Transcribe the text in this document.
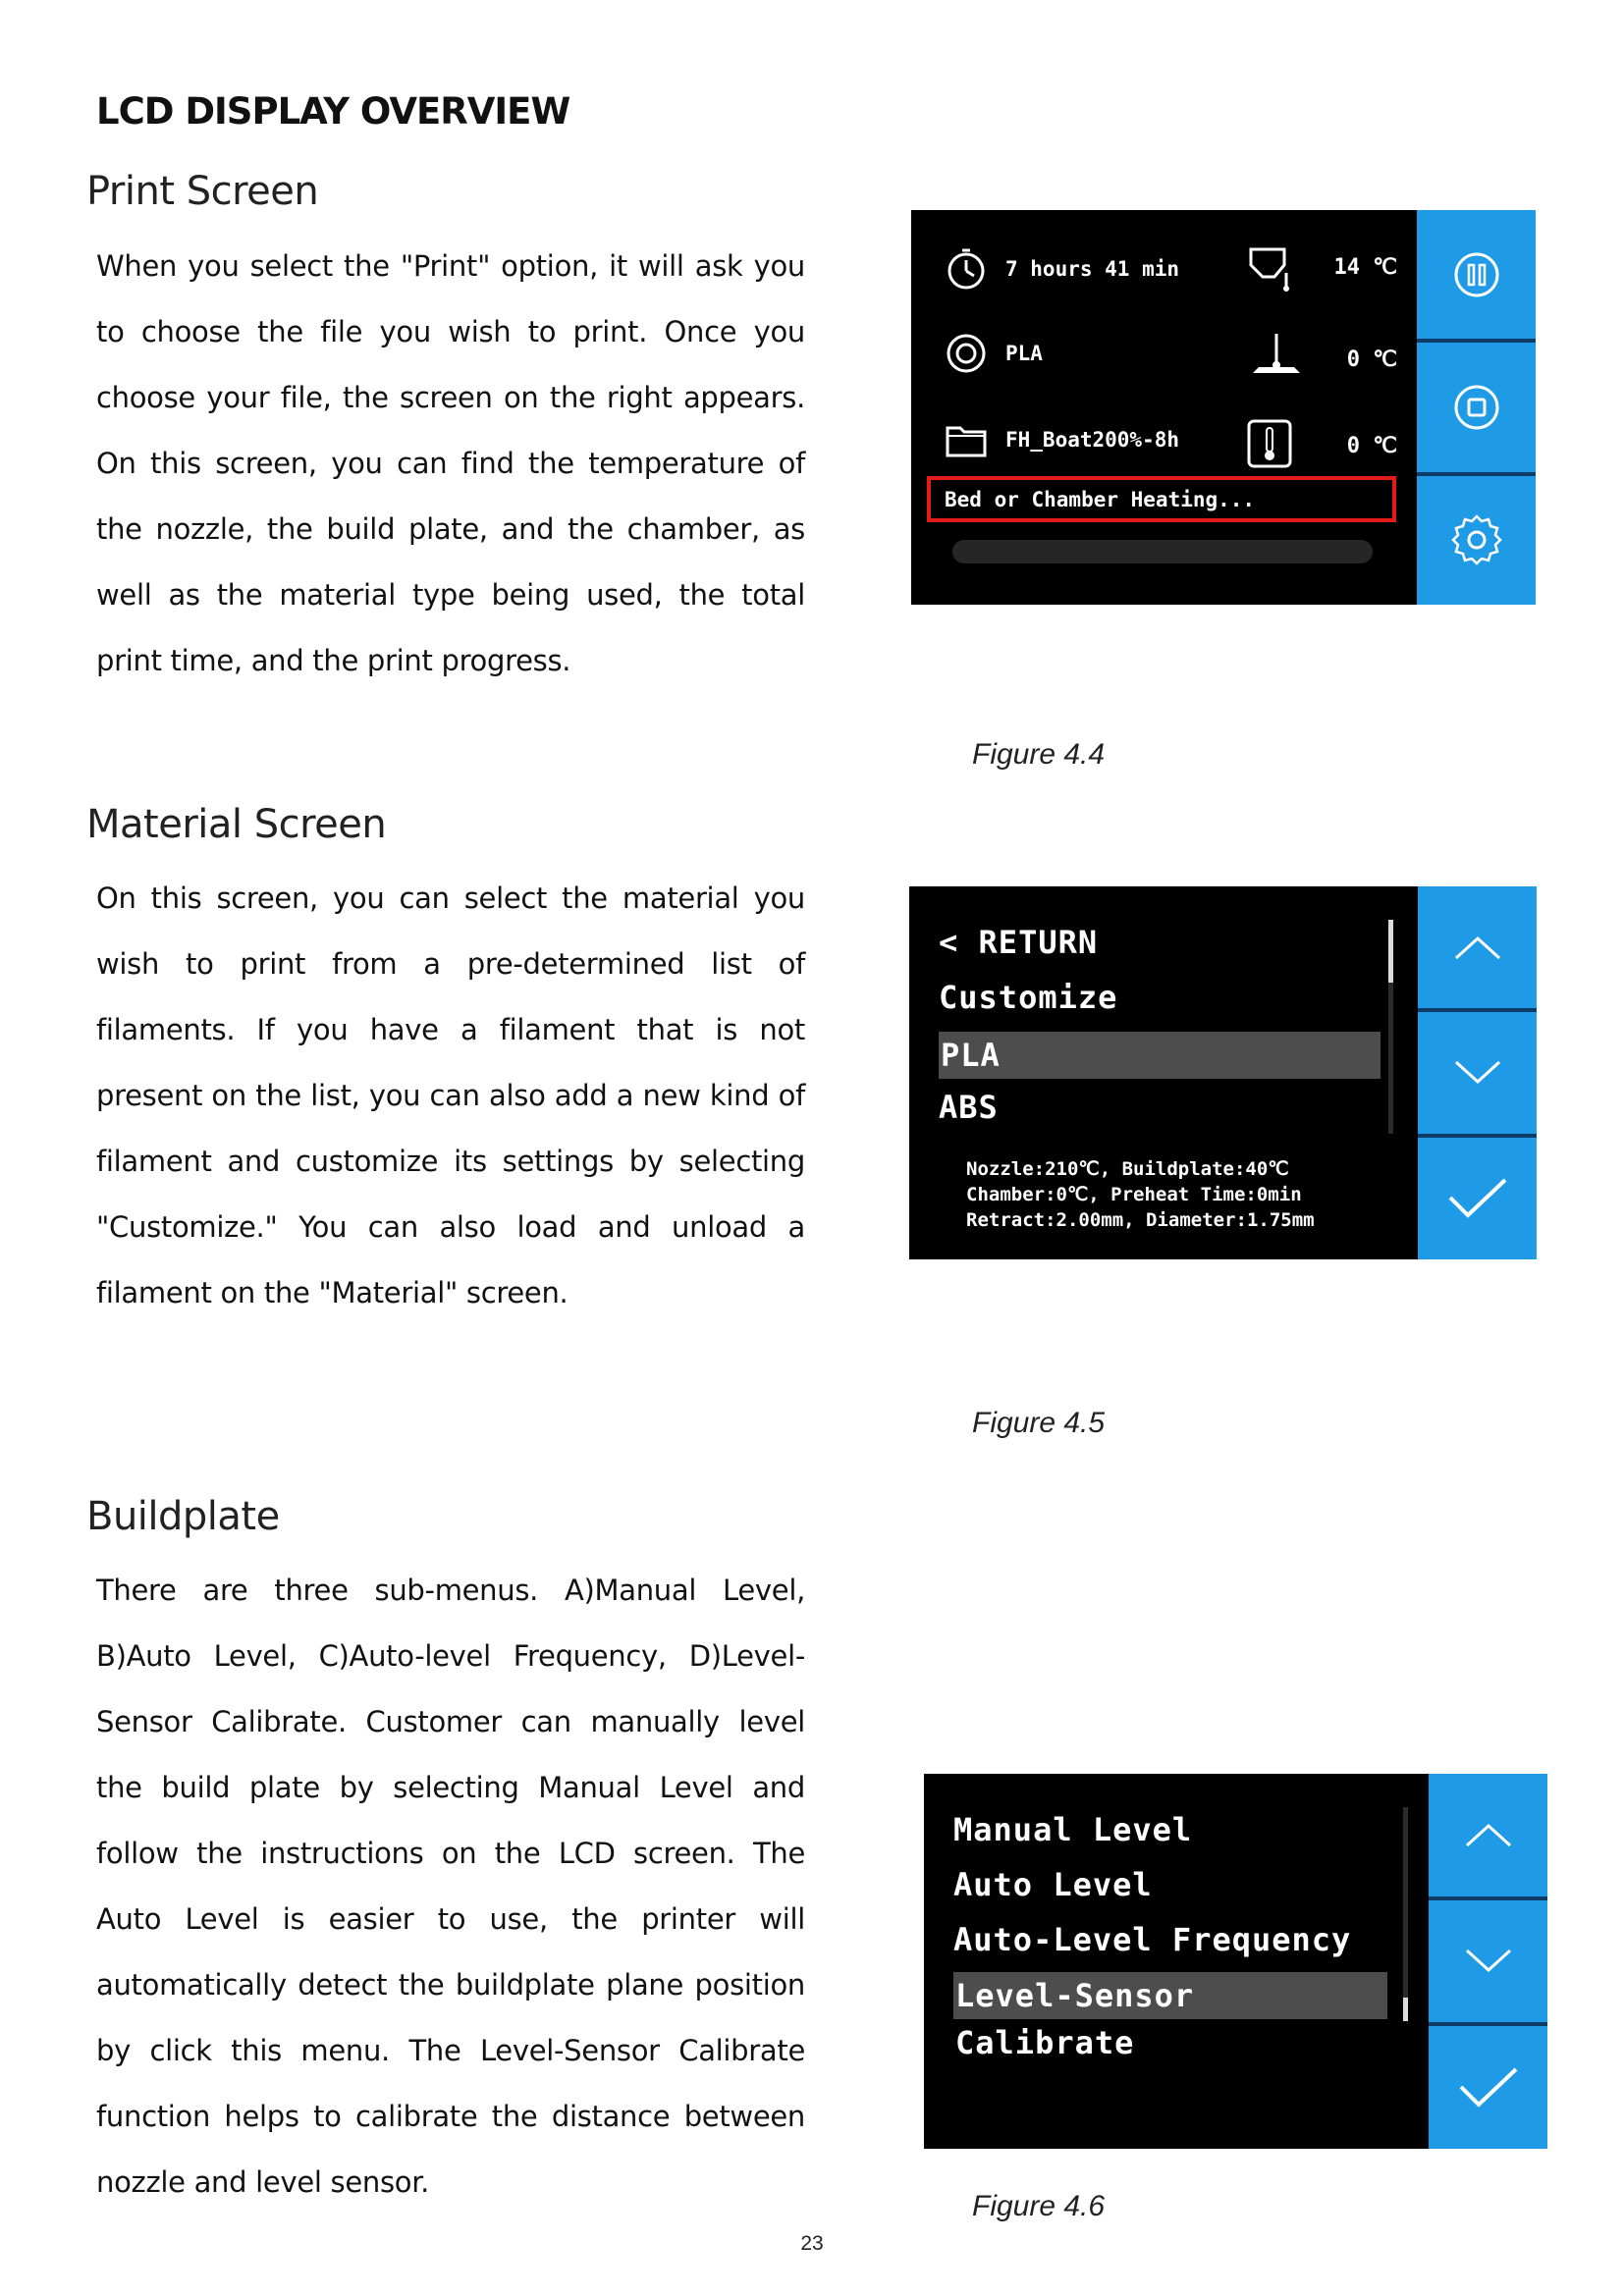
LCD DISPLAY OVERVIEW
Print Screen

When you select the "Print" option, it will ask you to choose the file you wish to print. Once you choose your file, the screen on the right appears. On this screen, you can find the temperature of the nozzle, the build plate, and the chamber, as well as the material type being used, the total print time, and the print progress.

7 hours 41 min
PLA
FH_Boat200%-8h
14 ℃
0 ℃
0 ℃
Bed or Chamber Heating...
Figure 4.4
Material Screen

On this screen, you can select the material you wish to print from a pre-determined list of filaments. If you have a filament that is not present on the list, you can also add a new kind of filament and customize its settings by selecting "Customize." You can also load and unload a filament on the "Material" screen.

< RETURN
Customize
PLA
ABS
Nozzle:210℃, Buildplate:40℃
Chamber:0℃, Preheat Time:0min
Retract:2.00mm, Diameter:1.75mm
Figure 4.5
Buildplate

There are three sub-menus. A)Manual Level, B)Auto Level, C)Auto-level Frequency, D)Level-Sensor Calibrate. Customer can manually level the build plate by selecting Manual Level and follow the instructions on the LCD screen. The Auto Level is easier to use, the printer will automatically detect the buildplate plane position by click this menu. The Level-Sensor Calibrate function helps to calibrate the distance between nozzle and level sensor.

Manual Level
Auto Level
Auto-Level Frequency
Level-Sensor Calibrate
Figure 4.6
23
